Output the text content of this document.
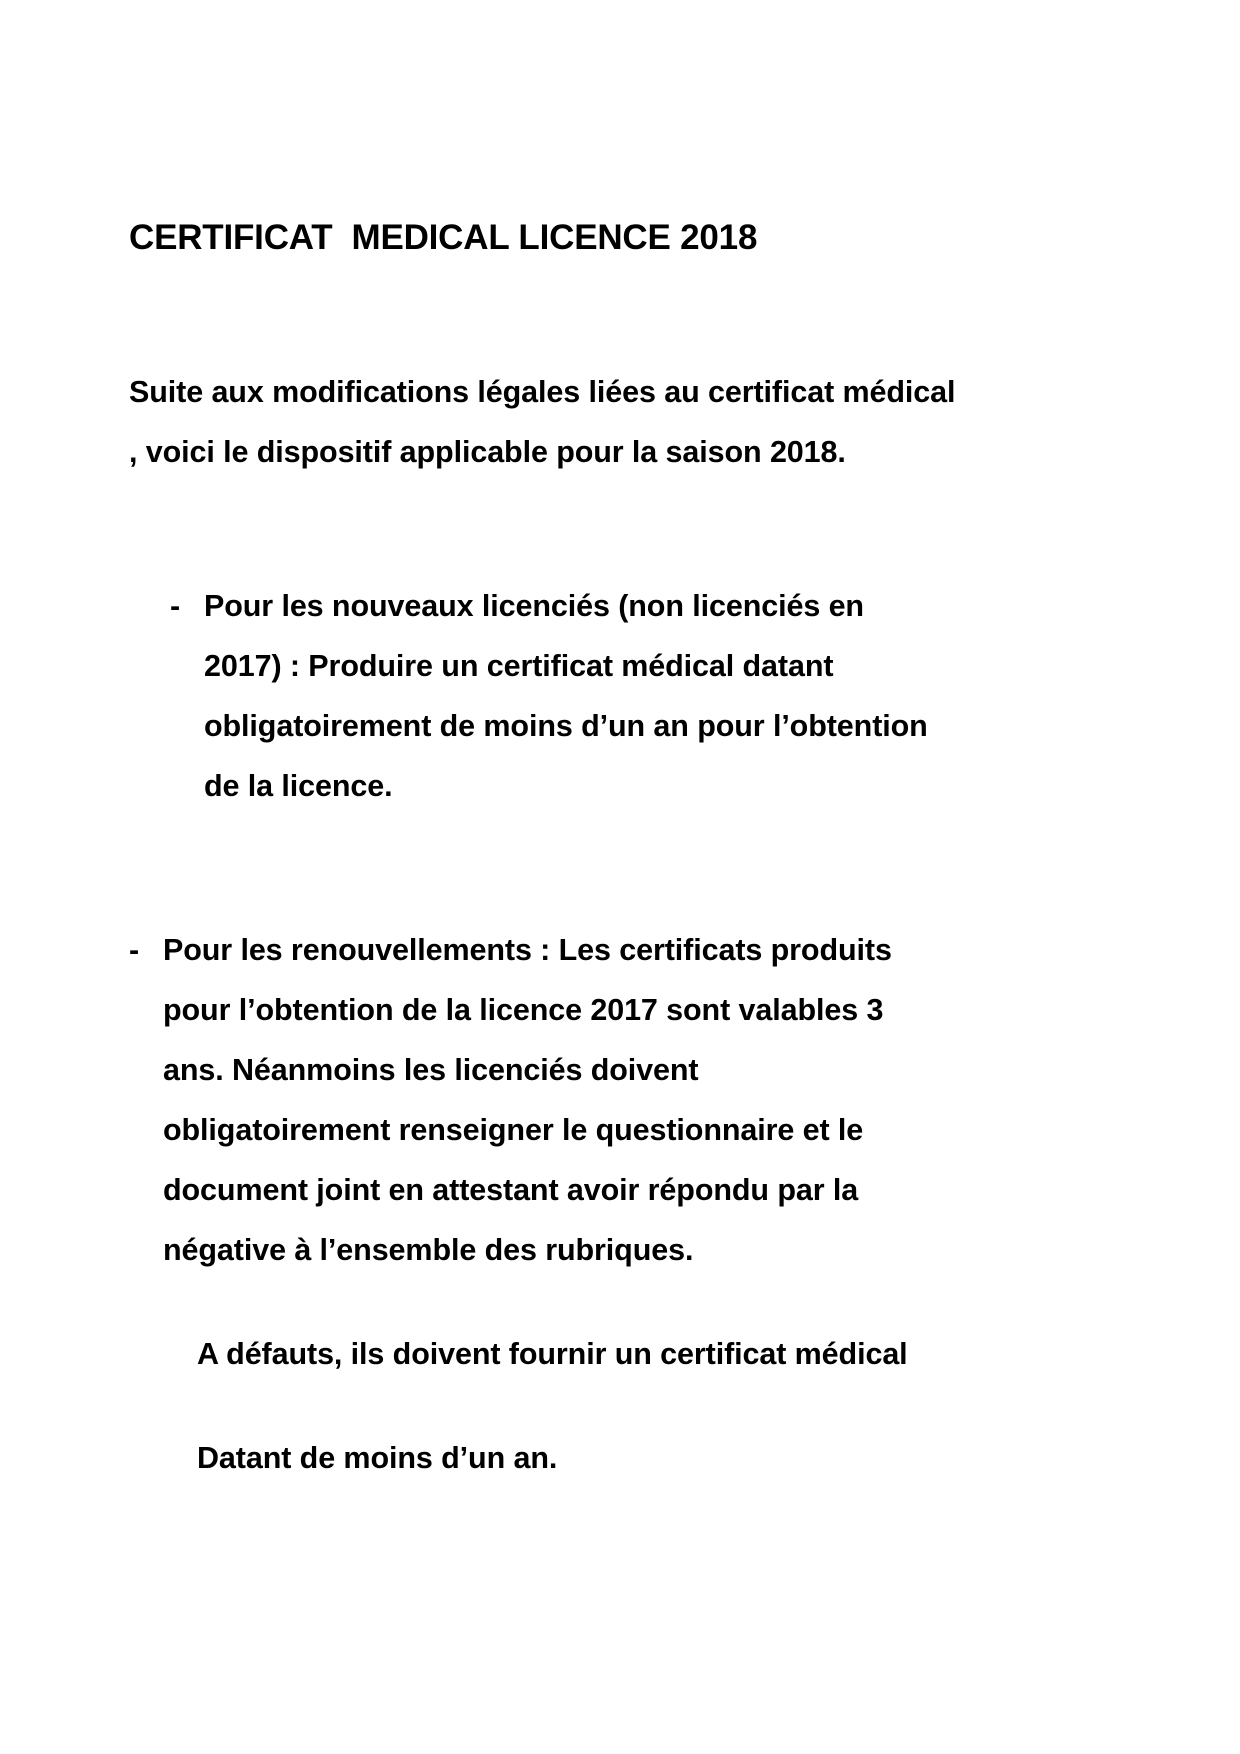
CERTIFICAT  MEDICAL LICENCE 2018

Suite aux modifications légales liées au certificat médical , voici le dispositif applicable pour la saison 2018.

- Pour les nouveaux licenciés (non licenciés en 2017) : Produire un certificat médical datant obligatoirement de moins d’un an pour l’obtention de la licence.

- Pour les renouvellements : Les certificats produits pour l’obtention de la licence 2017 sont valables 3 ans. Néanmoins les licenciés doivent obligatoirement renseigner le questionnaire et le document joint en attestant avoir répondu par la négative à l’ensemble des rubriques.

A défauts, ils doivent fournir un certificat médical

Datant de moins d’un an.
